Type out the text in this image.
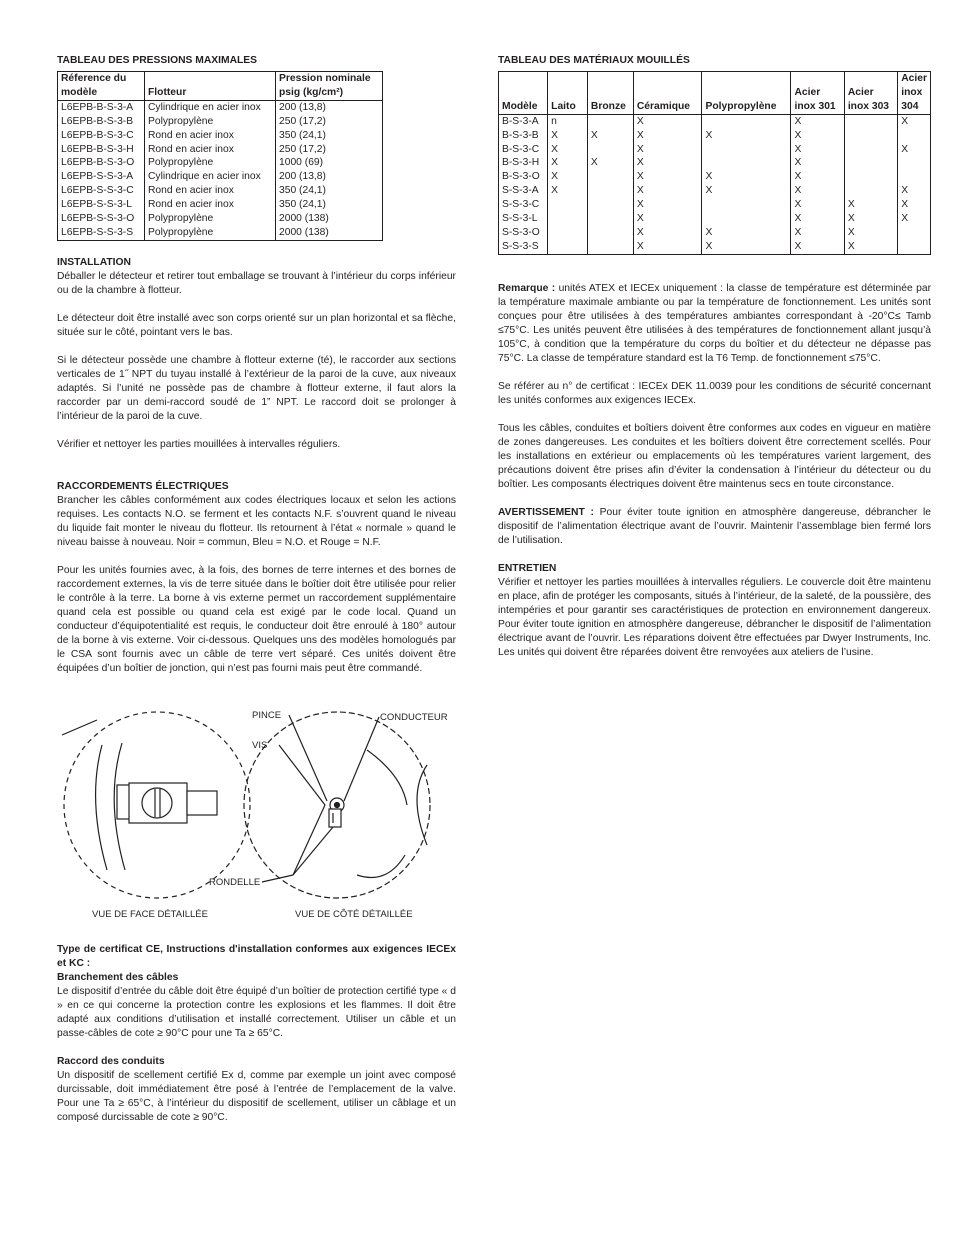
TABLEAU DES PRESSIONS MAXIMALES
Réference du modèle	Flotteur	Pression nominale psig (kg/cm²)
L6EPB-B-S-3-A	Cylindrique en acier inox	200 (13,8)
L6EPB-B-S-3-B	Polypropylène	250 (17,2)
L6EPB-B-S-3-C	Rond en acier inox	350 (24,1)
L6EPB-B-S-3-H	Rond en acier inox	250 (17,2)
L6EPB-B-S-3-O	Polypropylène	1000 (69)
L6EPB-S-S-3-A	Cylindrique en acier inox	200 (13,8)
L6EPB-S-S-3-C	Rond en acier inox	350 (24,1)
L6EPB-S-S-3-L	Rond en acier inox	350 (24,1)
L6EPB-S-S-3-O	Polypropylène	2000 (138)
L6EPB-S-S-3-S	Polypropylène	2000 (138)
INSTALLATION

Déballer le détecteur et retirer tout emballage se trouvant à l’intérieur du corps inférieur ou de la chambre à flotteur.

Le détecteur doit être installé avec son corps orienté sur un plan horizontal et sa flèche, située sur le côté, pointant vers le bas.

Si le détecteur possède une chambre à flotteur externe (té), le raccorder aux sections verticales de 1˝ NPT du tuyau installé à l’extérieur de la paroi de la cuve, aux niveaux adaptés. Si l’unité ne possède pas de chambre à flotteur externe, il faut alors la raccorder par un demi-raccord soudé de 1” NPT. Le raccord doit se prolonger à l’intérieur de la paroi de la cuve.

Vérifier et nettoyer les parties mouillées à intervalles réguliers.

RACCORDEMENTS ÉLECTRIQUES

Brancher les câbles conformément aux codes électriques locaux et selon les actions requises. Les contacts N.O. se ferment et les contacts N.F. s’ouvrent quand le niveau du liquide fait monter le niveau du flotteur. Ils retournent à l’état « normale » quand le niveau baisse à nouveau. Noir = commun, Bleu = N.O. et Rouge = N.F.

Pour les unités fournies avec, à la fois, des bornes de terre internes et des bornes de raccordement externes, la vis de terre située dans le boîtier doit être utilisée pour relier le contrôle à la terre. La borne à vis externe permet un raccordement supplémentaire quand cela est possible ou quand cela est exigé par le code local. Quand un conducteur d’équipotentialité est requis, le conducteur doit être enroulé à 180° autour de la borne à vis externe. Voir ci-dessous. Quelques uns des modèles homologués par le CSA sont fournis avec un câble de terre vert séparé. Ces unités doivent être équipées d’un boîtier de jonction, qui n’est pas fourni mais peut être commandé.

PINCE
VIS
CONDUCTEUR
RONDELLE
VUE DE FACE DÉTAILLÉE	VUE DE CÔTÉ DÉTAILLÉE

Type de certificat CE, Instructions d'installation conformes aux exigences IECEx et KC :

Branchement des câbles

Le dispositif d’entrée du câble doit être équipé d’un boîtier de protection certifié type « d » en ce qui concerne la protection contre les explosions et les flammes. Il doit être adapté aux conditions d’utilisation et installé correctement. Utiliser un câble et un passe-câbles de cote ≥ 90°C pour une Ta ≥ 65°C.

Raccord des conduits

Un dispositif de scellement certifié Ex d, comme par exemple un joint avec composé durcissable, doit immédiatement être posé à l’entrée de l’emplacement de la valve. Pour une Ta ≥ 65°C, à l’intérieur du dispositif de scellement, utiliser un câblage et un composé durcissable de cote ≥ 90°C.

TABLEAU DES MATÉRIAUX MOUILLÉS
Modèle	Laito	Bronze	Céramique	Polypropylène	Acier inox 301	Acier inox 303	Acier inox 304
B-S-3-A	n		X		X		X
B-S-3-B	X	X	X	X	X		
B-S-3-C	X		X		X		X
B-S-3-H	X	X	X		X		
B-S-3-O	X		X	X	X		
S-S-3-A	X		X	X	X		X
S-S-3-C			X		X	X	X
S-S-3-L			X		X	X	X
S-S-3-O			X	X	X	X	
S-S-3-S			X	X	X	X	

Remarque : unités ATEX et IECEx uniquement : la classe de température est déterminée par la température maximale ambiante ou par la température de fonctionnement. Les unités sont conçues pour être utilisées à des températures ambiantes correspondant à -20°C≤ Tamb ≤75°C. Les unités peuvent être utilisées à des températures de fonctionnement allant jusqu’à 105°C, à condition que la température du corps du boîtier et du détecteur ne dépasse pas 75°C. La classe de température standard est la T6 Temp. de fonctionnement ≤75°C.

Se référer au n° de certificat : IECEx DEK 11.0039 pour les conditions de sécurité concernant les unités conformes aux exigences IECEx.

Tous les câbles, conduites et boîtiers doivent être conformes aux codes en vigueur en matière de zones dangereuses. Les conduites et les boîtiers doivent être correctement scellés. Pour les installations en extérieur ou emplacements où les températures varient largement, des précautions doivent être prises afin d’éviter la condensation à l’intérieur du détecteur ou du boîtier. Les composants électriques doivent être maintenus secs en toute circonstance.

AVERTISSEMENT : Pour éviter toute ignition en atmosphère dangereuse, débrancher le dispositif de l’alimentation électrique avant de l’ouvrir. Maintenir l’assemblage bien fermé lors de l’utilisation.

ENTRETIEN

Vérifier et nettoyer les parties mouillées à intervalles réguliers. Le couvercle doit être maintenu en place, afin de protéger les composants, situés à l’intérieur, de la saleté, de la poussière, des intempéries et pour garantir ses caractéristiques de protection en environnement dangereux. Pour éviter toute ignition en atmosphère dangereuse, débrancher le dispositif de l’alimentation électrique avant de l’ouvrir. Les réparations doivent être effectuées par Dwyer Instruments, Inc. Les unités qui doivent être réparées doivent être renvoyées aux ateliers de l’usine.
